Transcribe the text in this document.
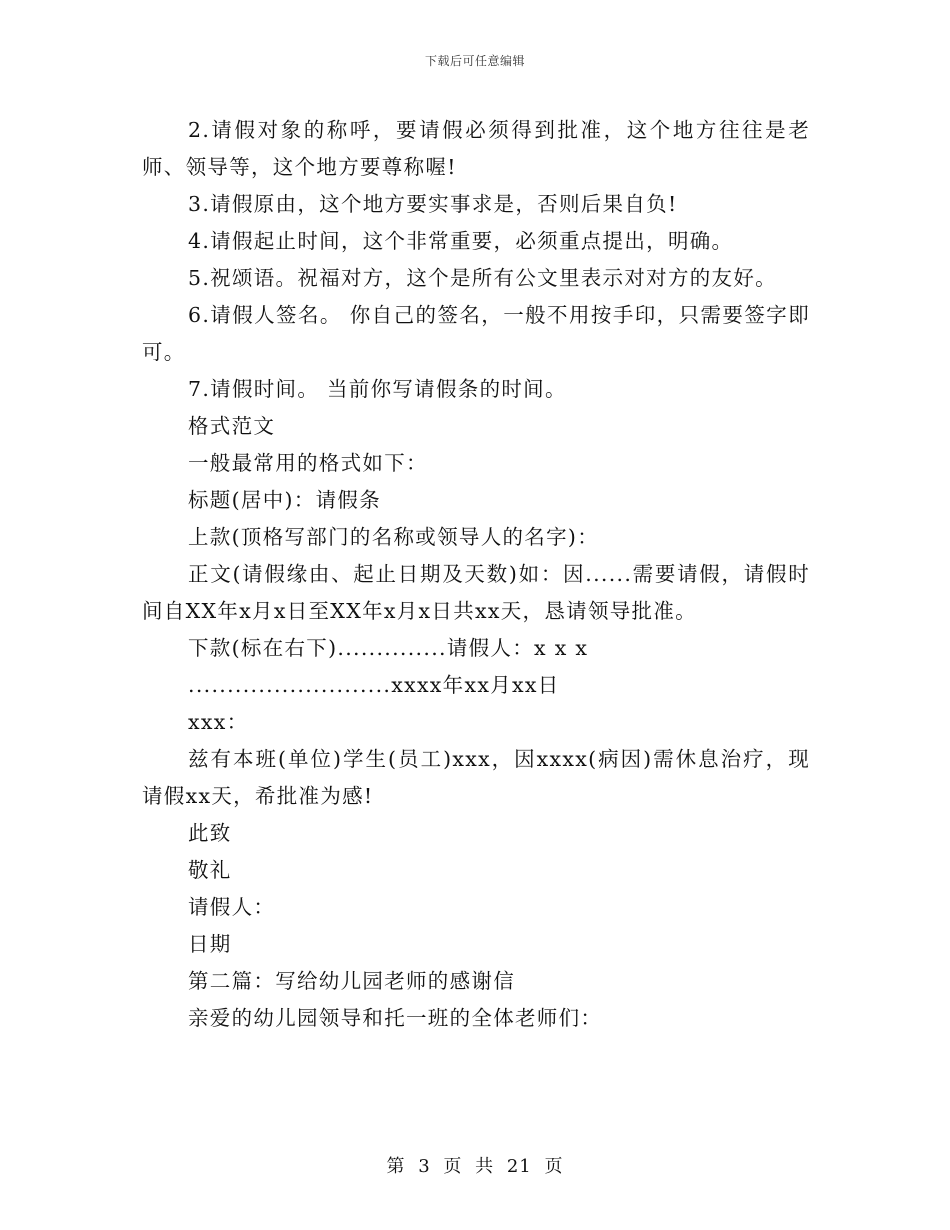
下载后可任意编辑

2.请假对象的称呼，要请假必须得到批准，这个地方往往是老师、领导等，这个地方要尊称喔!

3.请假原由，这个地方要实事求是，否则后果自负!

4.请假起止时间，这个非常重要，必须重点提出，明确。

5.祝颂语。祝福对方，这个是所有公文里表示对对方的友好。

6.请假人签名。 你自己的签名，一般不用按手印，只需要签字即可。

7.请假时间。 当前你写请假条的时间。

格式范文

一般最常用的格式如下：

标题(居中)：请假条

上款(顶格写部门的名称或领导人的名字)：

正文(请假缘由、起止日期及天数)如：因......需要请假，请假时间自XX年x月x日至XX年x月x日共xx天，恳请领导批准。

下款(标在右下)..............请假人：x x x

..........................xxxx年xx月xx日

xxx：

兹有本班(单位)学生(员工)xxx，因xxxx(病因)需休息治疗，现请假xx天，希批准为感!

此致

敬礼

请假人：

日期

第二篇：写给幼儿园老师的感谢信

亲爱的幼儿园领导和托一班的全体老师们：

第 3 页 共 21 页
